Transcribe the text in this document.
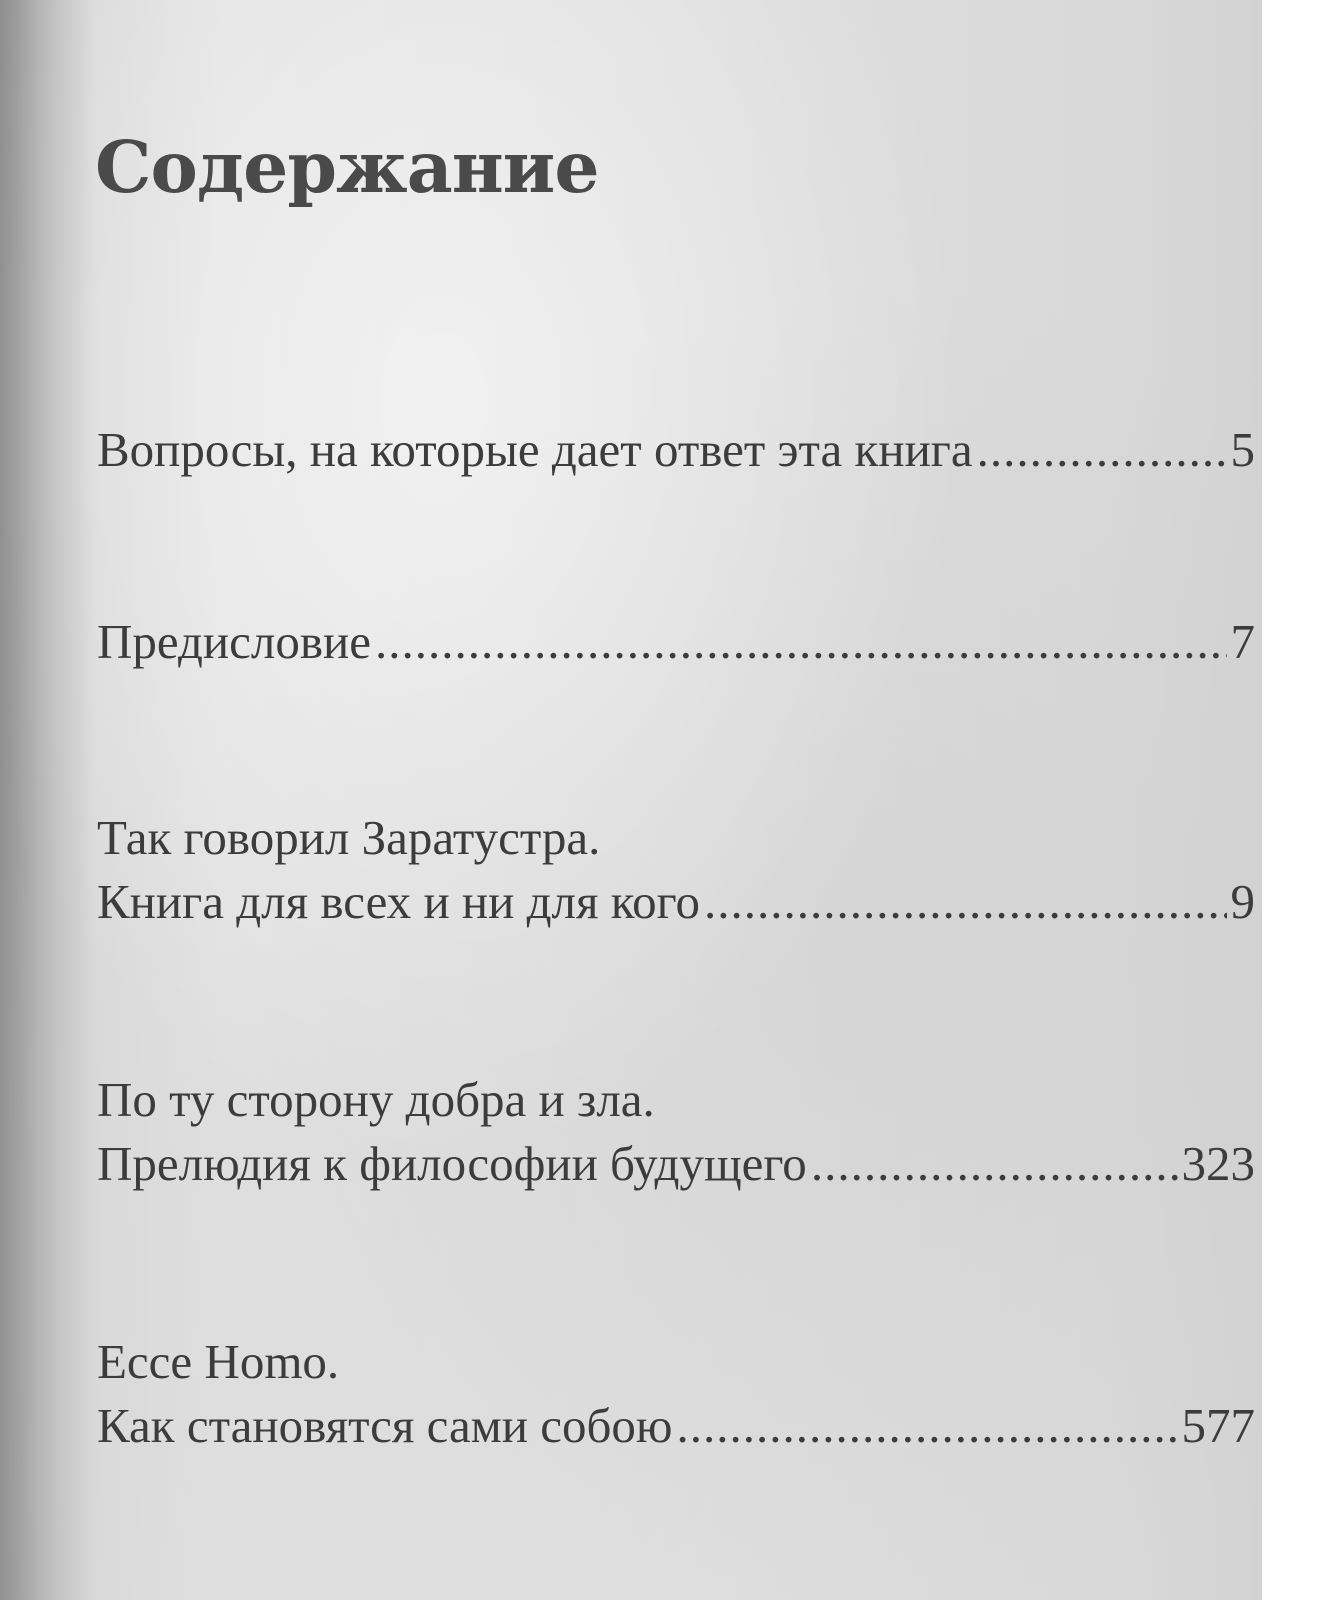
Содержание
Вопросы, на которые дает ответ эта книга .....	5
Предисловие .....	7
Так говорил Заратустра.
Книга для всех и ни для кого .....	9
По ту сторону добра и зла.
Прелюдия к философии будущего .....	323
Ecce Homo.
Как становятся сами собою .....	577
